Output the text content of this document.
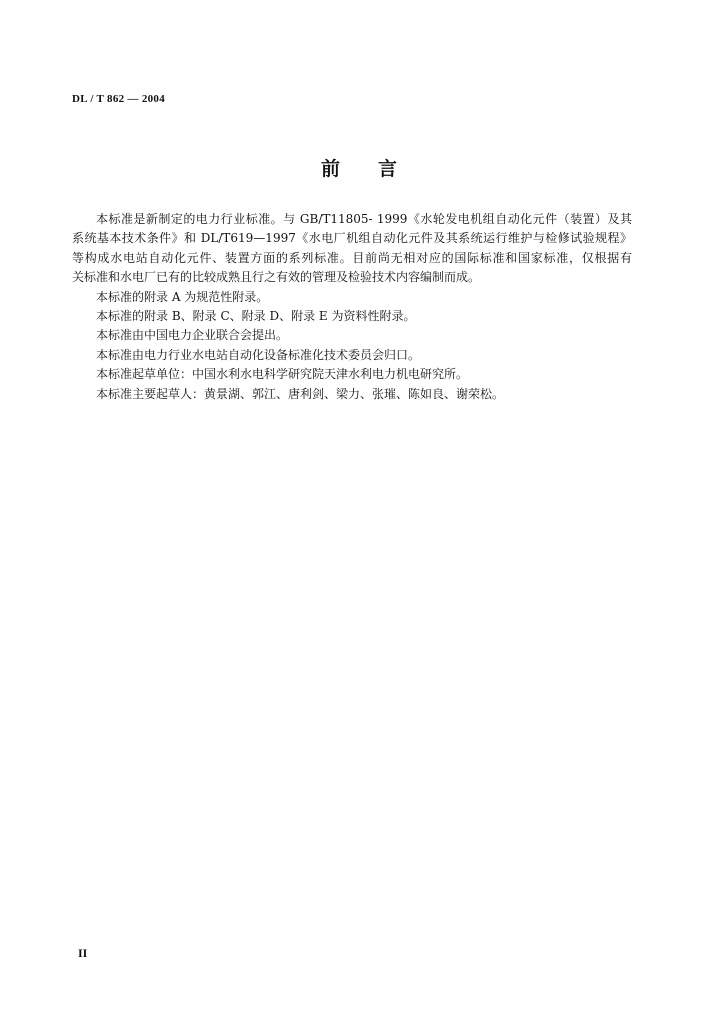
DL / T 862 — 2004
前　　言
本标准是新制定的电力行业标准。与 GB/T11805- 1999《水轮发电机组自动化元件（装置）及其
系统基本技术条件》和 DL/T619—1997《水电厂机组自动化元件及其系统运行维护与检修试验规程》
等构成水电站自动化元件、装置方面的系列标准。目前尚无相对应的国际标准和国家标准，仅根据有
关标准和水电厂已有的比较成熟且行之有效的管理及检验技术内容编制而成。
本标准的附录 A 为规范性附录。
本标准的附录 B、附录 C、附录 D、附录 E 为资料性附录。
本标准由中国电力企业联合会提出。
本标准由电力行业水电站自动化设备标准化技术委员会归口。
本标准起草单位：中国水利水电科学研究院天津水利电力机电研究所。
本标准主要起草人：黄景湖、郭江、唐利剑、梁力、张璀、陈如良、谢荣松。
II
